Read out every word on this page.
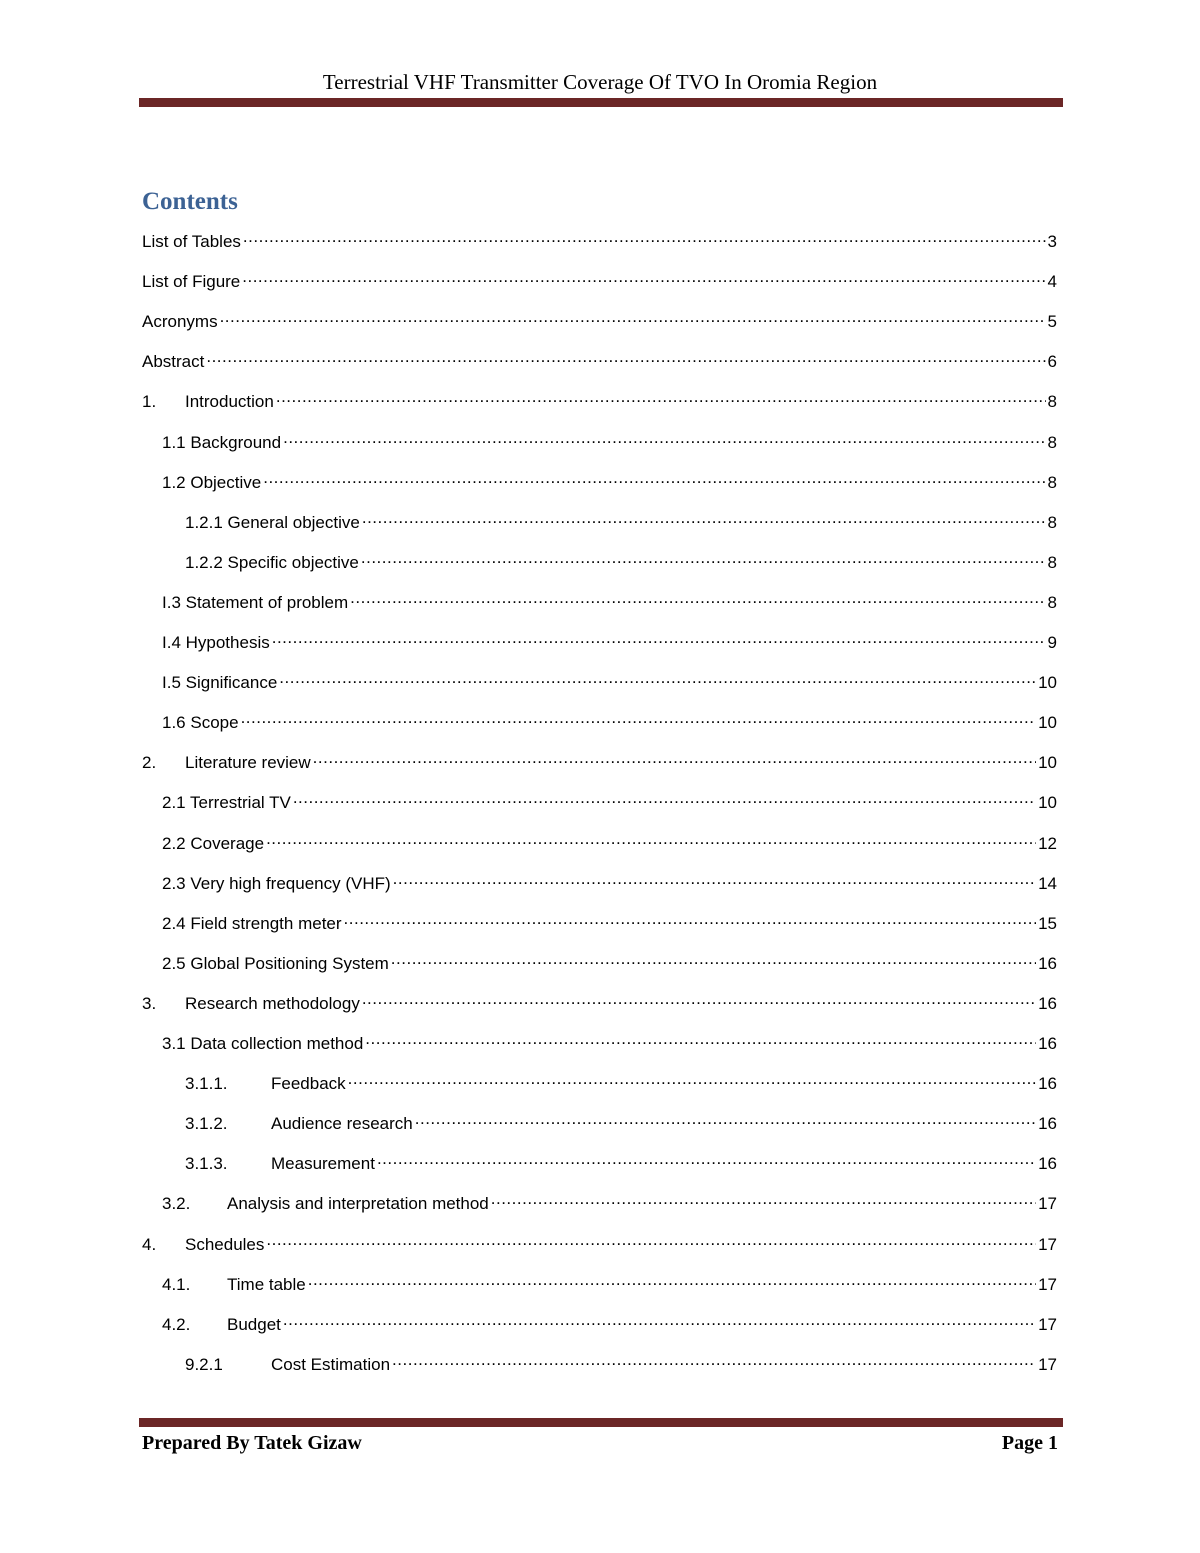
Terrestrial VHF Transmitter Coverage Of TVO In Oromia Region
Contents
List of Tables .....	3
List of Figure .....	4
Acronyms .....	5
Abstract .....	6
1.	Introduction .....	8
1.1 Background .....	8
1.2 Objective .....	8
1.2.1 General objective .....	8
1.2.2 Specific objective .....	8
I.3 Statement of problem .....	8
I.4 Hypothesis .....	9
I.5 Significance .....	10
1.6 Scope .....	10
2.	Literature review .....	10
2.1 Terrestrial TV .....	10
2.2 Coverage .....	12
2.3 Very high frequency (VHF) .....	14
2.4 Field strength meter .....	15
2.5 Global Positioning System .....	16
3.	Research methodology .....	16
3.1 Data collection method .....	16
3.1.1.	Feedback .....	16
3.1.2.	Audience research .....	16
3.1.3.	Measurement .....	16
3.2.	Analysis and interpretation method .....	17
4.	Schedules .....	17
4.1.	Time table .....	17
4.2.	Budget .....	17
9.2.1	Cost Estimation .....	17
Prepared By Tatek Gizaw	Page 1
